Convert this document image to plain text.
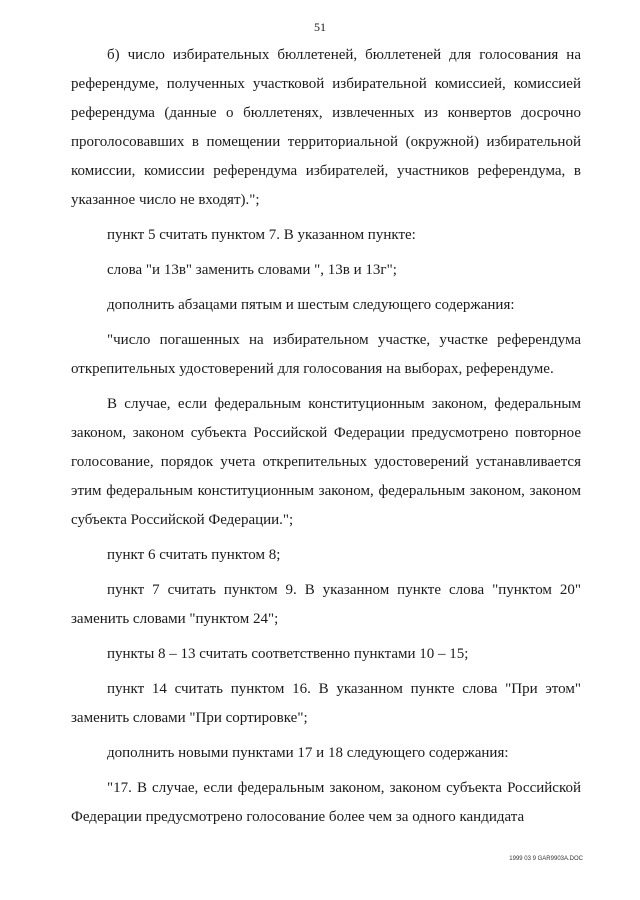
51

б) число избирательных бюллетеней, бюллетеней для голосования на референдуме, полученных участковой избирательной комиссией, комиссией референдума (данные о бюллетенях, извлеченных из конвертов досрочно проголосовавших в помещении территориальной (окружной) избирательной комиссии, комиссии референдума избирателей, участников референдума, в указанное число не входят).";

пункт 5 считать пунктом 7. В указанном пункте:

слова "и 13в" заменить словами ", 13в и 13г";

дополнить абзацами пятым и шестым следующего содержания:

"число погашенных на избирательном участке, участке референдума открепительных удостоверений для голосования на выборах, референдуме.

В случае, если федеральным конституционным законом, федеральным законом, законом субъекта Российской Федерации предусмотрено повторное голосование, порядок учета открепительных удостоверений устанавливается этим федеральным конституционным законом, федеральным законом, законом субъекта Российской Федерации.";

пункт 6 считать пунктом 8;

пункт 7 считать пунктом 9. В указанном пункте слова "пунктом 20" заменить словами "пунктом 24";

пункты 8 – 13 считать соответственно пунктами 10 – 15;

пункт 14 считать пунктом 16. В указанном пункте слова "При этом" заменить словами "При сортировке";

дополнить новыми пунктами 17 и 18 следующего содержания:

"17. В случае, если федеральным законом, законом субъекта Российской Федерации предусмотрено голосование более чем за одного кандидата

1999 03 9 GAR9903A.DOC
